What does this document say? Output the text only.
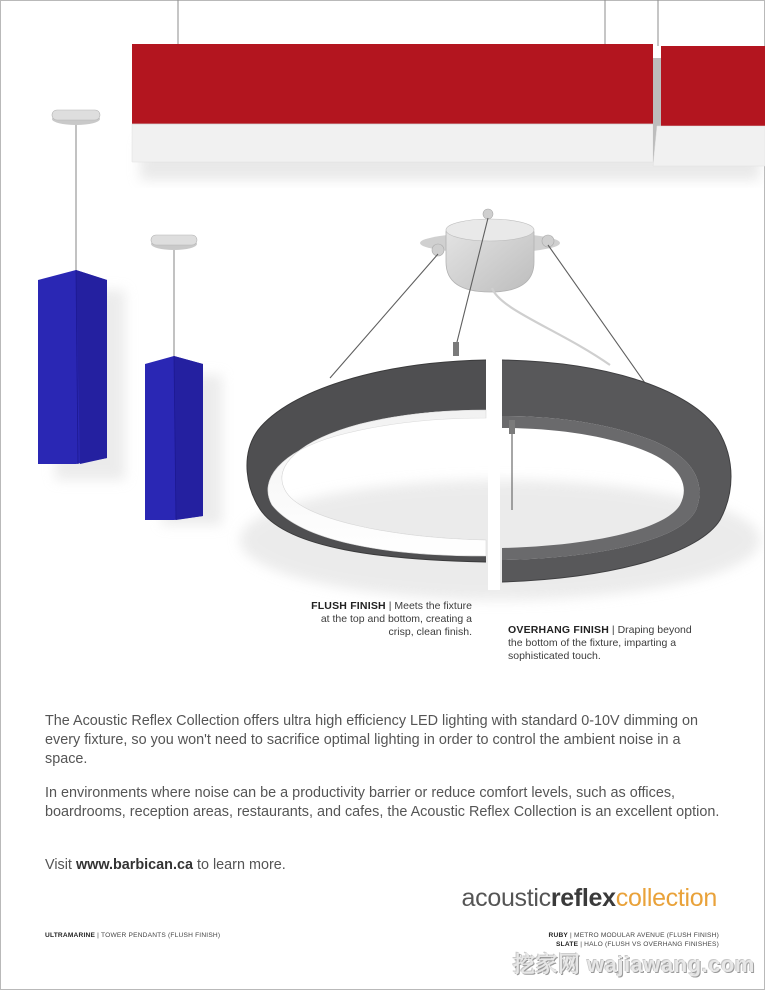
FLUSH FINISH | Meets the fixture at the top and bottom, creating a crisp, clean finish.	OVERHANG FINISH | Draping beyond the bottom of the fixture, imparting a sophisticated touch.

The Acoustic Reflex Collection offers ultra high efficiency LED lighting with standard 0-10V dimming on every fixture, so you won't need to sacrifice optimal lighting in order to control the ambient noise in a space.

In environments where noise can be a productivity barrier or reduce comfort levels, such as offices, boardrooms, reception areas, restaurants, and cafes, the Acoustic Reflex Collection is an excellent option.

Visit www.barbican.ca to learn more.

acousticreflexcollection
ULTRAMARINE | TOWER PENDANTS (FLUSH FINISH)	RUBY | METRO MODULAR AVENUE (FLUSH FINISH)
SLATE | HALO (FLUSH VS OVERHANG FINISHES)
挖家网 wajiawang.com
